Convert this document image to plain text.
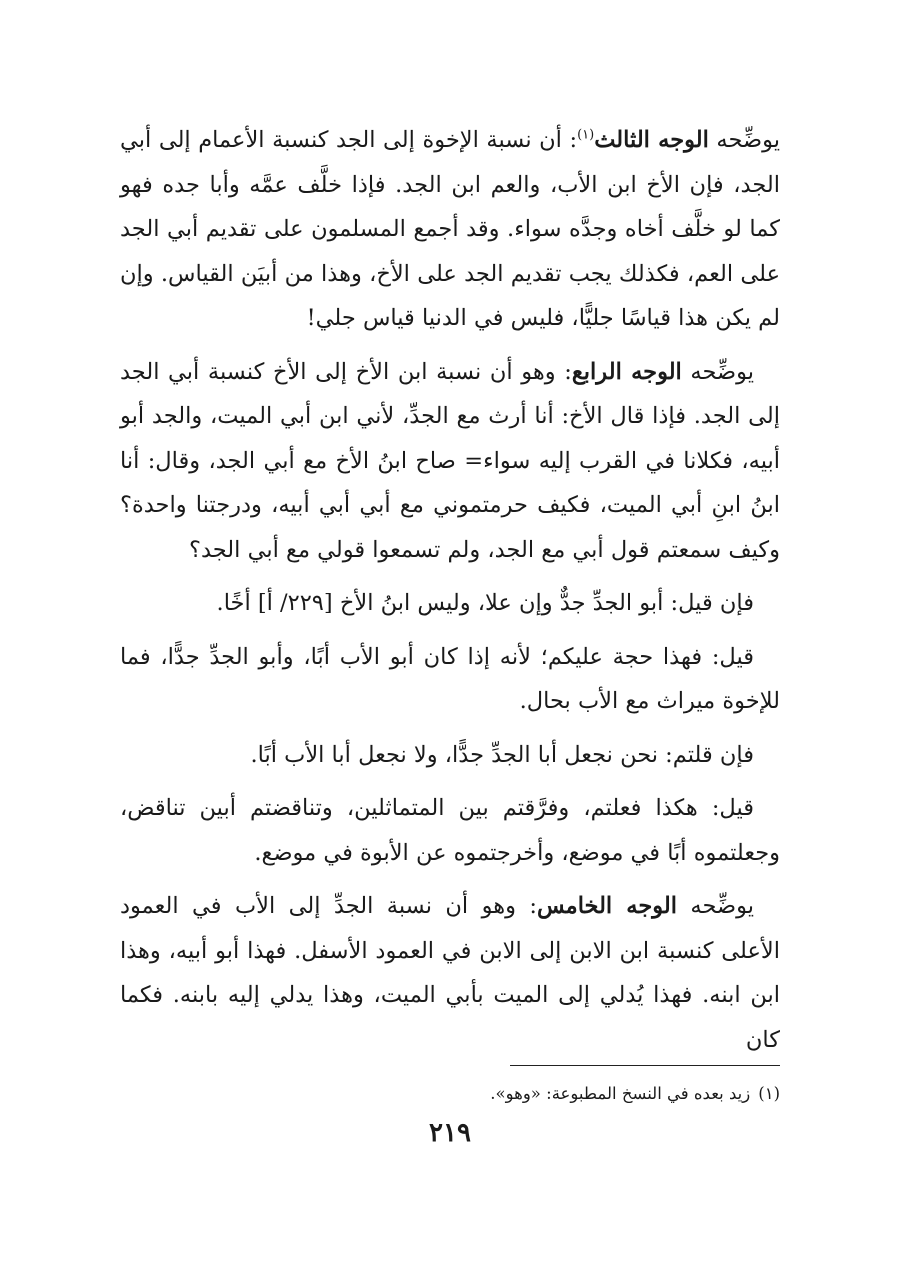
يوضِّحه الوجه الثالث$^{(١)}$: أن نسبة الإخوة إلى الجد كنسبة الأعمام إلى أبي الجد، فإن الأخ ابن الأب، والعم ابن الجد. فإذا خلَّف عمَّه وأبا جده فهو كما لو خلَّف أخاه وجدَّه سواء. وقد أجمع المسلمون على تقديم أبي الجد على العم، فكذلك يجب تقديم الجد على الأخ، وهذا من أبيَن القياس. وإن لم يكن هذا قياسًا جليًّا، فليس في الدنيا قياس جلي!

يوضِّحه الوجه الرابع: وهو أن نسبة ابن الأخ إلى الأخ كنسبة أبي الجد إلى الجد. فإذا قال الأخ: أنا أرث مع الجدِّ، لأني ابن أبي الميت، والجد أبو أبيه، فكلانا في القرب إليه سواء= صاح ابنُ الأخ مع أبي الجد، وقال: أنا ابنُ ابنِ أبي الميت، فكيف حرمتموني مع أبي أبي أبيه، ودرجتنا واحدة؟ وكيف سمعتم قول أبي مع الجد، ولم تسمعوا قولي مع أبي الجد؟

فإن قيل: أبو الجدِّ جدٌّ وإن علا، وليس ابنُ الأخ [٢٢٩/ أ] أخًا.

قيل: فهذا حجة عليكم؛ لأنه إذا كان أبو الأب أبًا، وأبو الجدِّ جدًّا، فما للإخوة ميراث مع الأب بحال.

فإن قلتم: نحن نجعل أبا الجدِّ جدًّا، ولا نجعل أبا الأب أبًا.

قيل: هكذا فعلتم، وفرَّقتم بين المتماثلين، وتناقضتم أبين تناقض، وجعلتموه أبًا في موضع، وأخرجتموه عن الأبوة في موضع.

يوضِّحه الوجه الخامس: وهو أن نسبة الجدِّ إلى الأب في العمود الأعلى كنسبة ابن الابن إلى الابن في العمود الأسفل. فهذا أبو أبيه، وهذا ابن ابنه. فهذا يُدلي إلى الميت بأبي الميت، وهذا يدلي إليه بابنه. فكما كان

(١)زيد بعده في النسخ المطبوعة: «وهو».
٢١٩
